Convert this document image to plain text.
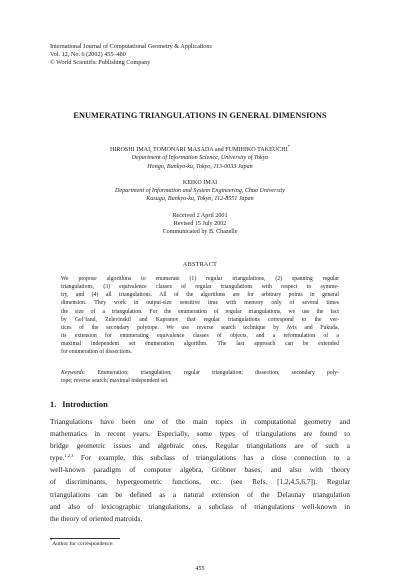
International Journal of Computational Geometry & Applications
Vol. 12, No. 6 (2002) 455–480
© World Scientific Publishing Company
ENUMERATING TRIANGULATIONS IN GENERAL DIMENSIONS
HIROSHI IMAI, TOMONARI MASADA and FUMIHIKO TAKEUCHI*
Department of Information Science, University of Tokyo
Hongo, Bunkyo-ku, Tokyo, 113-0033 Japan
KEIKO IMAI
Department of Information and System Engineering, Chuo University
Kasuga, Bunkyo-ku, Tokyo, 112-8551 Japan
Received 2 April 2001
Revised 15 July 2002
Communicated by B. Chazelle
ABSTRACT
We propose algorithms to enumerate (1) regular triangulations, (2) spanning regular
triangulations, (3) equivalence classes of regular triangulations with respect to symme-
try, and (4) all triangulations. All of the algorithms are for arbitrary points in general
dimension. They work in output-size sensitive time with memory only of several times
the size of a triangulation. For the enumeration of regular triangulations, we use the fact
by Gel’fand, Zelevinskiĭ and Kapranov that regular triangulations correspond to the ver-
tices of the secondary polytope. We use reverse search technique by Avis and Fukuda,
its extension for enumerating equivalence classes of objects, and a reformulation of a
maximal independent set enumeration algorithm. The last approach can be extended
for enumeration of dissections.
Keywords: Enumeration; triangulation; regular triangulation; dissection; secondary poly-
tope; reverse search; maximal independent set.
1. Introduction
Triangulations have been one of the main topics in computational geometry and
mathematics in recent years. Especially, some types of triangulations are found to
bridge geometric issues and algebraic ones. Regular triangulations are of such a
type.$^{1,2,3}$ For example, this subclass of triangulations has a close connection to a
well-known paradigm of computer algebra, Gröbner bases, and also with theory
of discriminants, hypergeometric functions, etc. (see Refs. [1,2,4,5,6,7]). Regular
triangulations can be defined as a natural extension of the Delaunay triangulation
and also of lexicographic triangulations, a subclass of triangulations well-known in
the theory of oriented matroids.
*Author for correspondence.
455
